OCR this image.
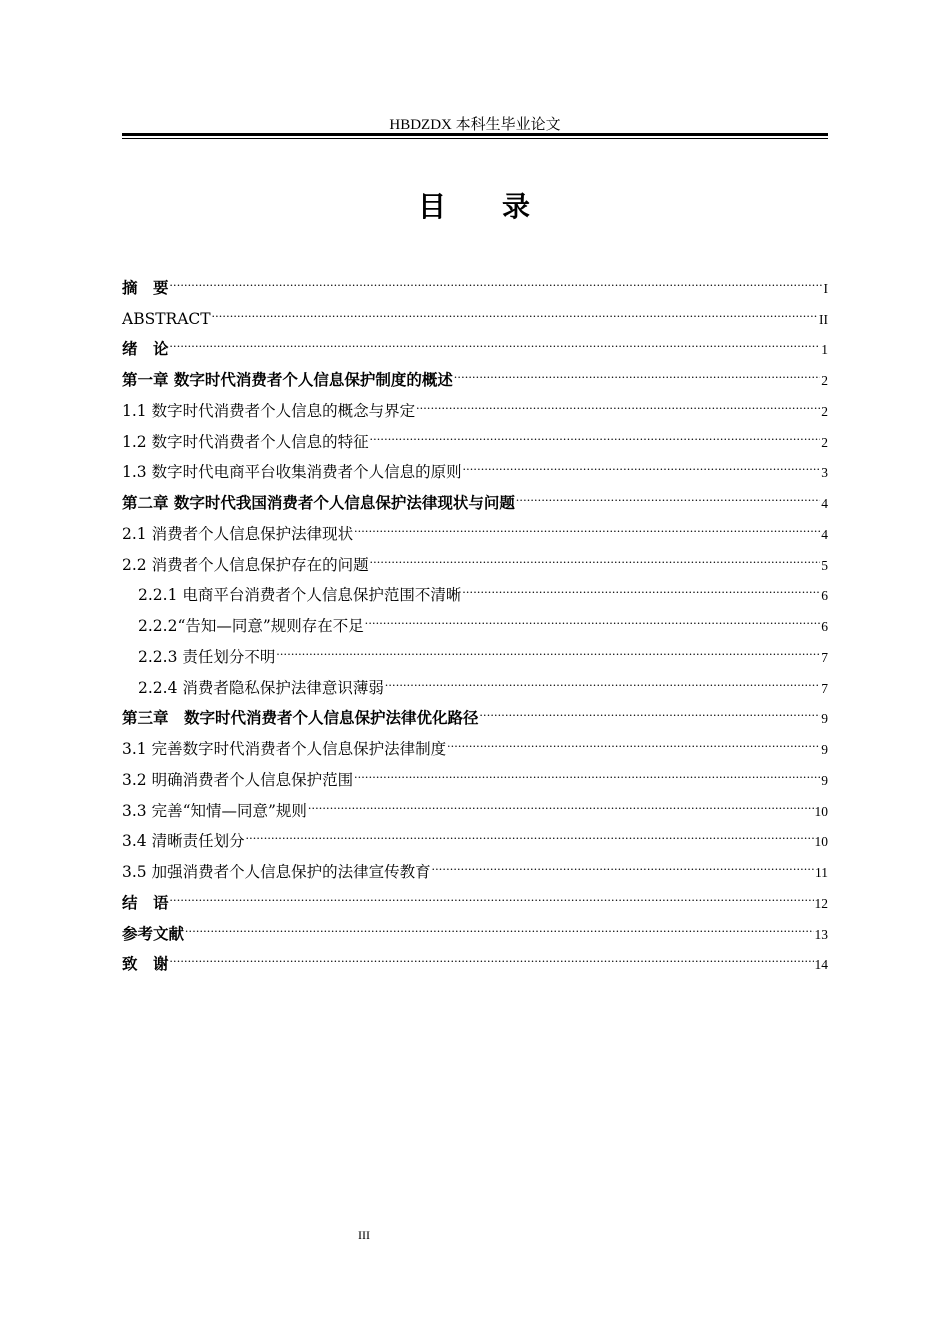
HBDZDX 本科生毕业论文
目 录
摘　要 .....	I
ABSTRACT .....	II
绪　论 .....	1
第一章 数字时代消费者个人信息保护制度的概述 .....	2
1.1 数字时代消费者个人信息的概念与界定 .....	2
1.2 数字时代消费者个人信息的特征 .....	2
1.3 数字时代电商平台收集消费者个人信息的原则 .....	3
第二章 数字时代我国消费者个人信息保护法律现状与问题 .....	4
2.1 消费者个人信息保护法律现状 .....	4
2.2 消费者个人信息保护存在的问题 .....	5
2.2.1 电商平台消费者个人信息保护范围不清晰 .....	6
2.2.2“告知—同意”规则存在不足 .....	6
2.2.3 责任划分不明 .....	7
2.2.4 消费者隐私保护法律意识薄弱 .....	7
第三章　数字时代消费者个人信息保护法律优化路径 .....	9
3.1 完善数字时代消费者个人信息保护法律制度 .....	9
3.2 明确消费者个人信息保护范围 .....	9
3.3 完善“知情—同意”规则 .....	10
3.4 清晰责任划分 .....	10
3.5 加强消费者个人信息保护的法律宣传教育 .....	11
结　语 .....	12
参考文献 .....	13
致　谢 .....	14
III
